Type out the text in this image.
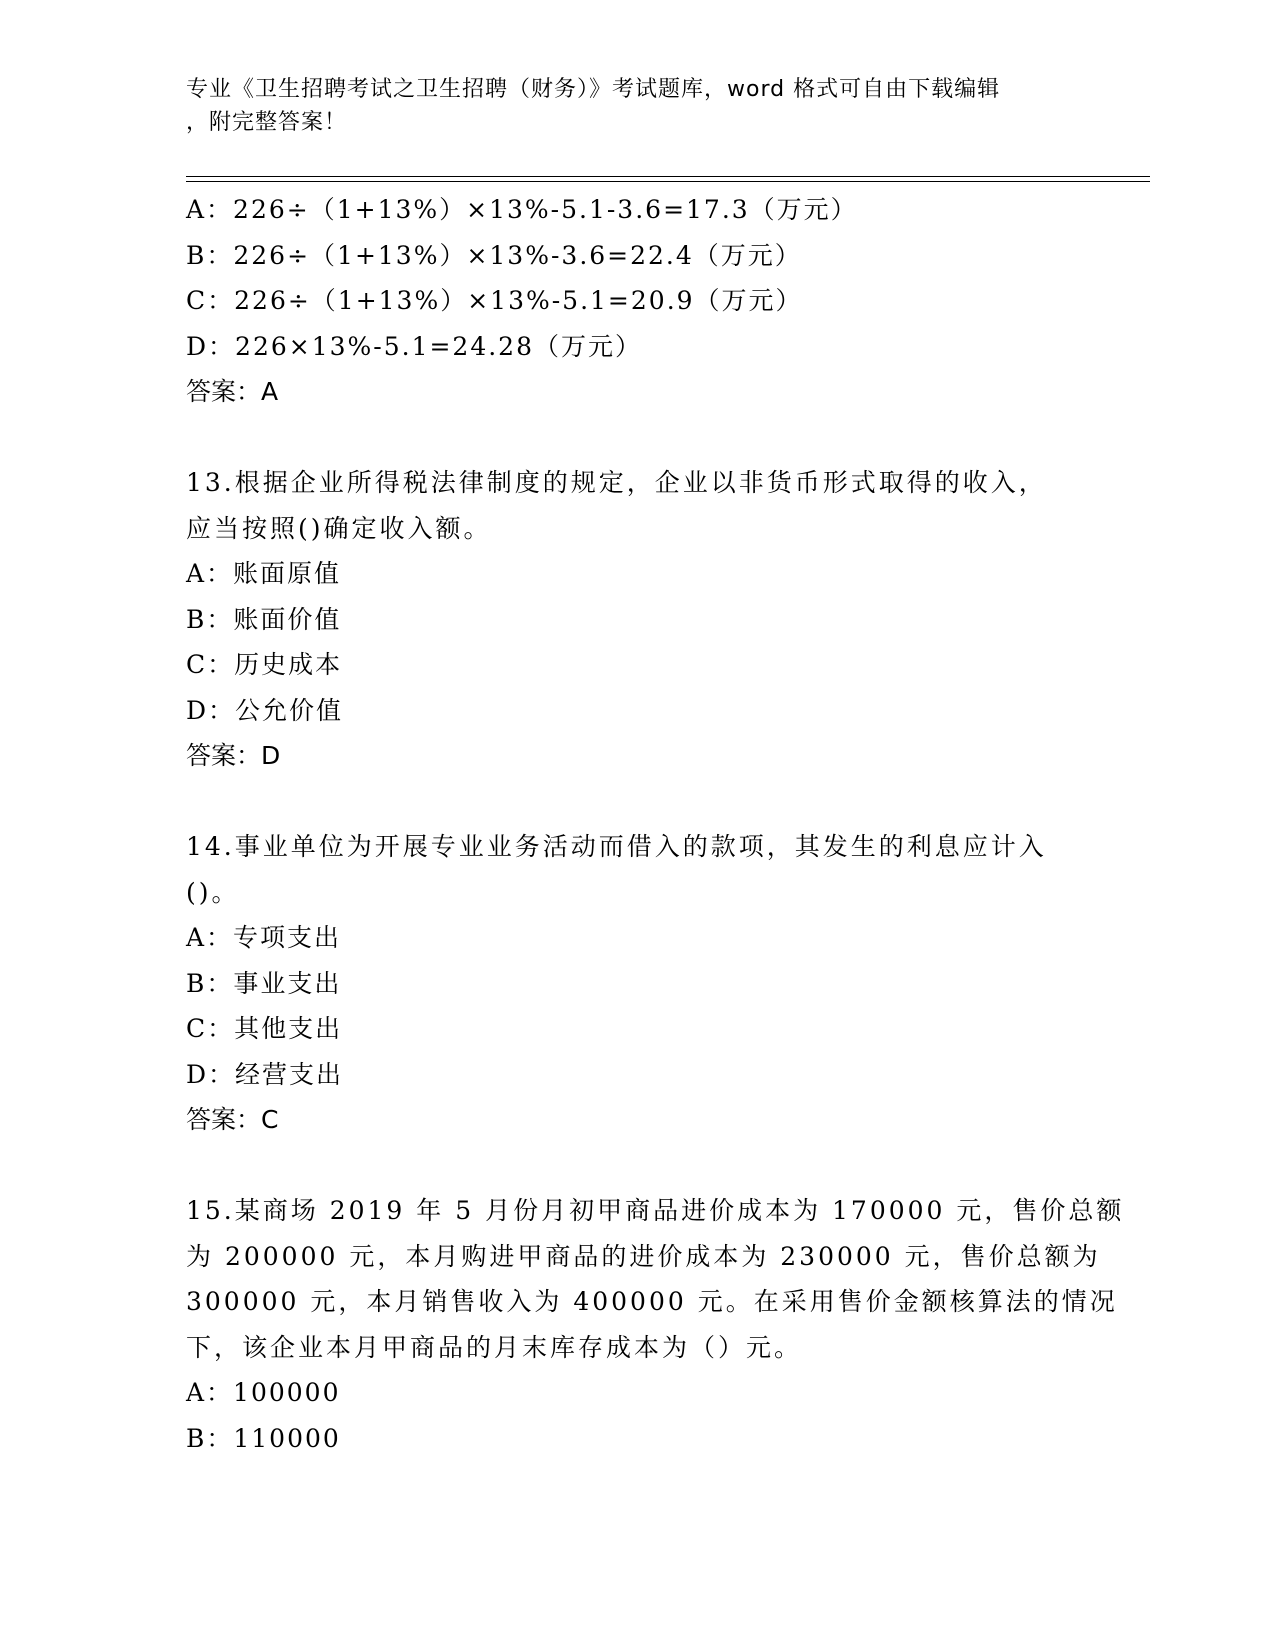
专业《卫生招聘考试之卫生招聘（财务）》考试题库，word 格式可自由下载编辑

，附完整答案！

A：226÷（1+13%）×13%-5.1-3.6=17.3（万元）
B：226÷（1+13%）×13%-3.6=22.4（万元）
C：226÷（1+13%）×13%-5.1=20.9（万元）
D：226×13%-5.1=24.28（万元）
答案：A
13.根据企业所得税法律制度的规定，企业以非货币形式取得的收入，
应当按照()确定收入额。
A：账面原值
B：账面价值
C：历史成本
D：公允价值
答案：D
14.事业单位为开展专业业务活动而借入的款项，其发生的利息应计入
()。
A：专项支出
B：事业支出
C：其他支出
D：经营支出
答案：C
15.某商场 2019 年 5 月份月初甲商品进价成本为 170000 元，售价总额
为 200000 元，本月购进甲商品的进价成本为 230000 元，售价总额为
300000 元，本月销售收入为 400000 元。在采用售价金额核算法的情况
下，该企业本月甲商品的月末库存成本为（）元。
A：100000
B：110000
